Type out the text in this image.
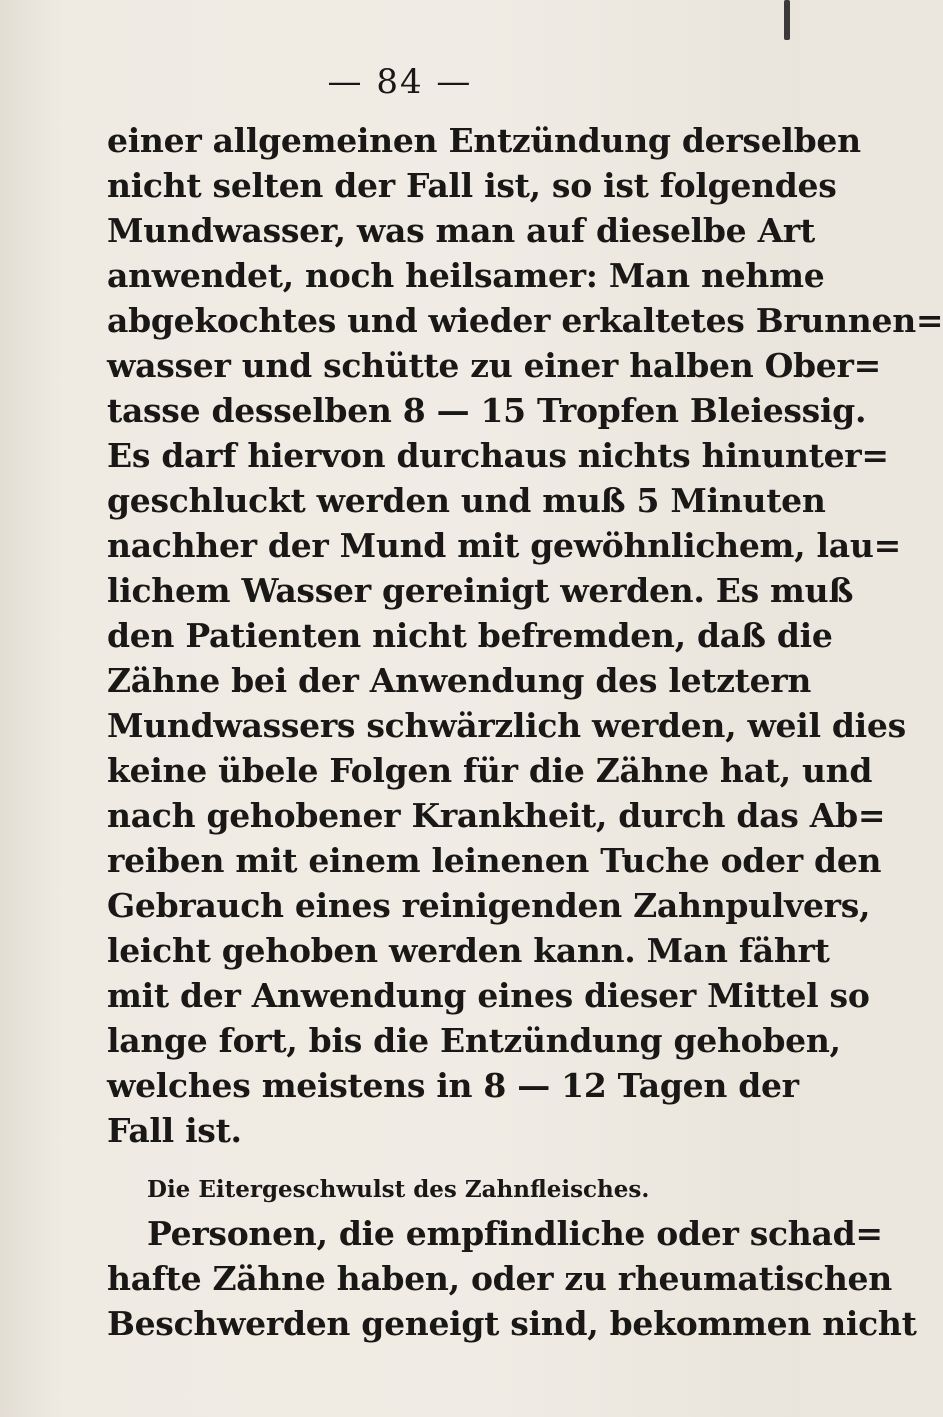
— 84 —
einer allgemeinen Entzündung derselben
nicht selten der Fall ist, so ist folgendes
Mundwasser, was man auf dieselbe Art
anwendet, noch heilsamer: Man nehme
abgekochtes und wieder erkaltetes Brunnen=
wasser und schütte zu einer halben Ober=
tasse desselben 8 — 15 Tropfen Bleiessig.
Es darf hiervon durchaus nichts hinunter=
geschluckt werden und muß 5 Minuten
nachher der Mund mit gewöhnlichem, lau=
lichem Wasser gereinigt werden. Es muß
den Patienten nicht befremden, daß die
Zähne bei der Anwendung des letztern
Mundwassers schwärzlich werden, weil dies
keine übele Folgen für die Zähne hat, und
nach gehobener Krankheit, durch das Ab=
reiben mit einem leinenen Tuche oder den
Gebrauch eines reinigenden Zahnpulvers,
leicht gehoben werden kann. Man fährt
mit der Anwendung eines dieser Mittel so
lange fort, bis die Entzündung gehoben,
welches meistens in 8 — 12 Tagen der
Fall ist.
Die Eitergeschwulst des Zahnfleisches.
Personen, die empfindliche oder schad=
hafte Zähne haben, oder zu rheumatischen
Beschwerden geneigt sind, bekommen nicht
